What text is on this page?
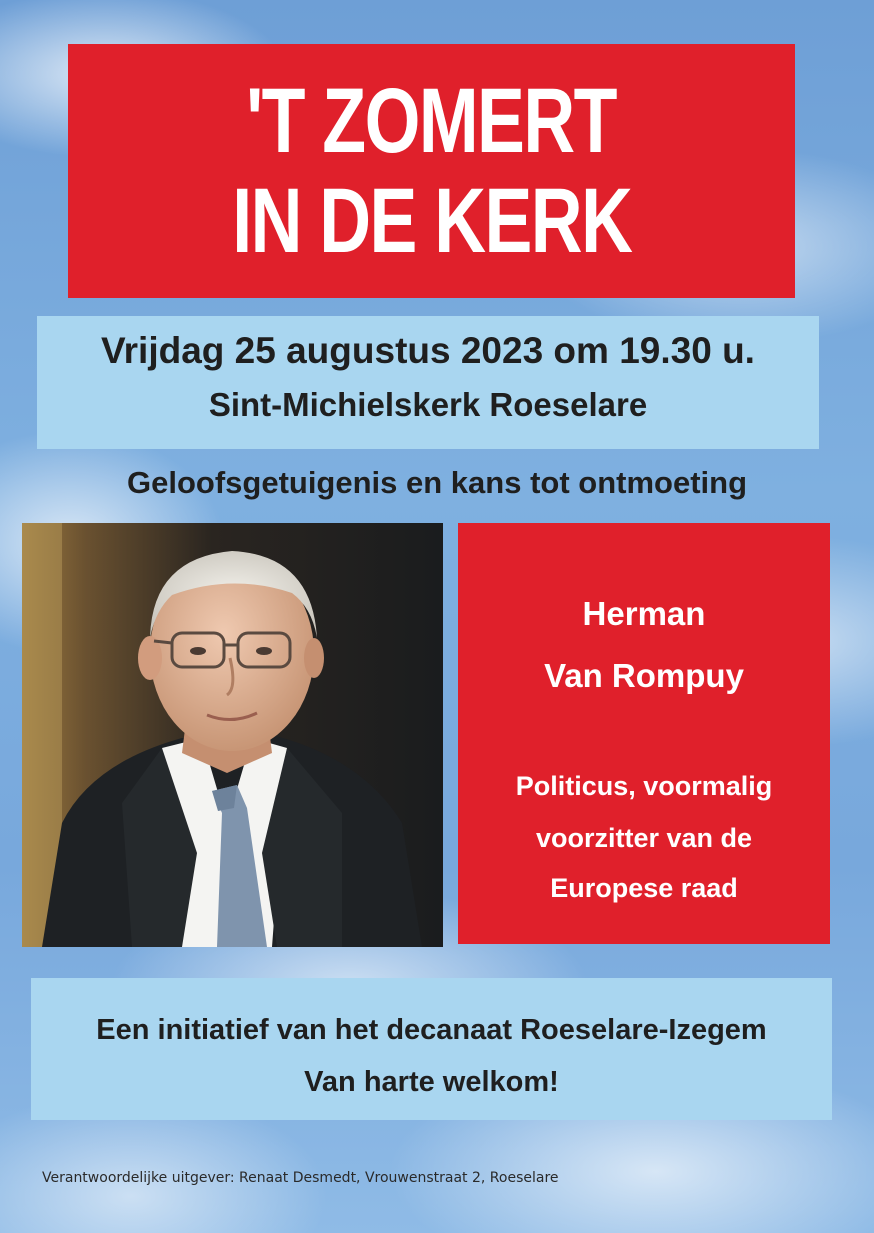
'T ZOMERT
IN DE KERK
Vrijdag 25 augustus 2023 om 19.30 u.
Sint-Michielskerk Roeselare
Geloofsgetuigenis en kans tot ontmoeting
Herman
Van Rompuy
Politicus, voormalig
voorzitter van de
Europese raad
Een initiatief van het decanaat Roeselare-Izegem
Van harte welkom!
Verantwoordelijke uitgever: Renaat Desmedt, Vrouwenstraat 2, Roeselare
